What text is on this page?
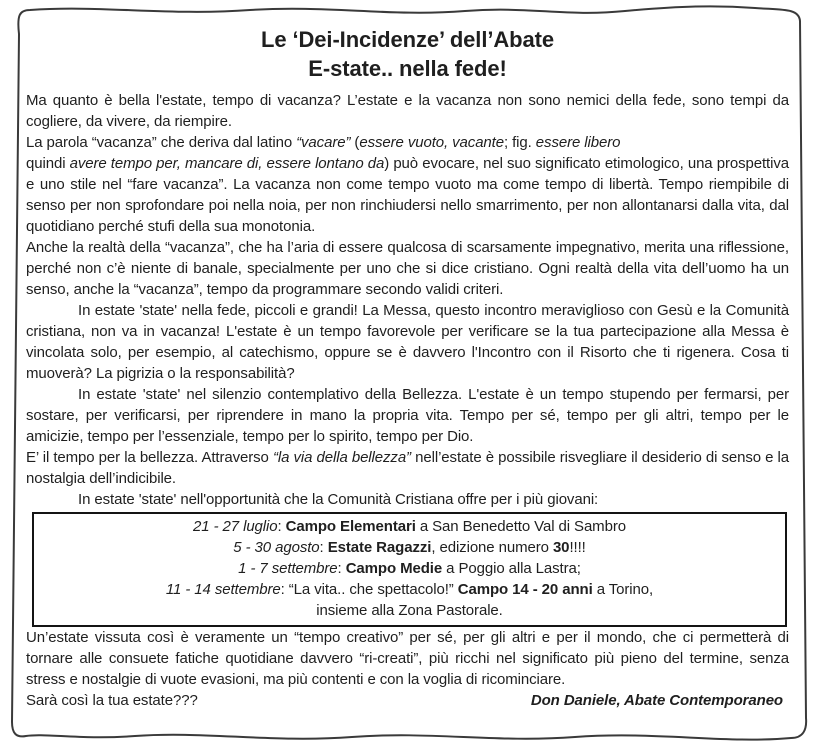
Le ‘Dei-Incidenze’ dell’Abate
E-state.. nella fede!

Ma quanto è bella l'estate, tempo di vacanza? L’estate e la vacanza non sono nemici della fede, sono tempi da cogliere, da vivere, da riempire.

La parola “vacanza” che deriva dal latino “vacare” (essere vuoto, vacante; fig. essere libero
quindi avere tempo per, mancare di, essere lontano da) può evocare, nel suo significato etimologico, una prospettiva e uno stile nel “fare vacanza”. La vacanza non come tempo vuoto ma come tempo di libertà. Tempo riempibile di senso per non sprofondare poi nella noia, per non rinchiudersi nello smarrimento, per non allontanarsi dalla vita, dal quotidiano perché stufi della sua monotonia.

Anche la realtà della “vacanza”, che ha l’aria di essere qualcosa di scarsamente impegnativo, merita una riflessione, perché non c’è niente di banale, specialmente per uno che si dice cristiano. Ogni realtà della vita dell’uomo ha un senso, anche la “vacanza”, tempo da programmare secondo validi criteri.

In estate 'state' nella fede, piccoli e grandi! La Messa, questo incontro meraviglioso con Gesù e la Comunità cristiana, non va in vacanza! L'estate è un tempo favorevole per verificare se la tua partecipazione alla Messa è vincolata solo, per esempio, al catechismo, oppure se è davvero l'Incontro con il Risorto che ti rigenera. Cosa ti muoverà? La pigrizia o la responsabilità?

In estate 'state' nel silenzio contemplativo della Bellezza. L'estate è un tempo stupendo per fermarsi, per sostare, per verificarsi, per riprendere in mano la propria vita. Tempo per sé, tempo per gli altri, tempo per le amicizie, tempo per l’essenziale, tempo per lo spirito, tempo per Dio.

E’ il tempo per la bellezza. Attraverso “la via della bellezza” nell’estate è possibile risvegliare il desiderio di senso e la nostalgia dell’indicibile.

In estate 'state' nell'opportunità che la Comunità Cristiana offre per i più giovani:

21 - 27 luglio: Campo Elementari a San Benedetto Val di Sambro

5 - 30 agosto: Estate Ragazzi, edizione numero 30!!!!

1 - 7 settembre: Campo Medie a Poggio alla Lastra;

11 - 14 settembre: “La vita.. che spettacolo!” Campo 14 - 20 anni a Torino,

insieme alla Zona Pastorale.

Un’estate vissuta così è veramente un “tempo creativo” per sé, per gli altri e per il mondo, che ci permetterà di tornare alle consuete fatiche quotidiane davvero “ri-creati”, più ricchi nel significato più pieno del termine, senza stress e nostalgie di vuote evasioni, ma più contenti e con la voglia di ricominciare.

Sarà così la tua estate???	Don Daniele, Abate Contemporaneo
